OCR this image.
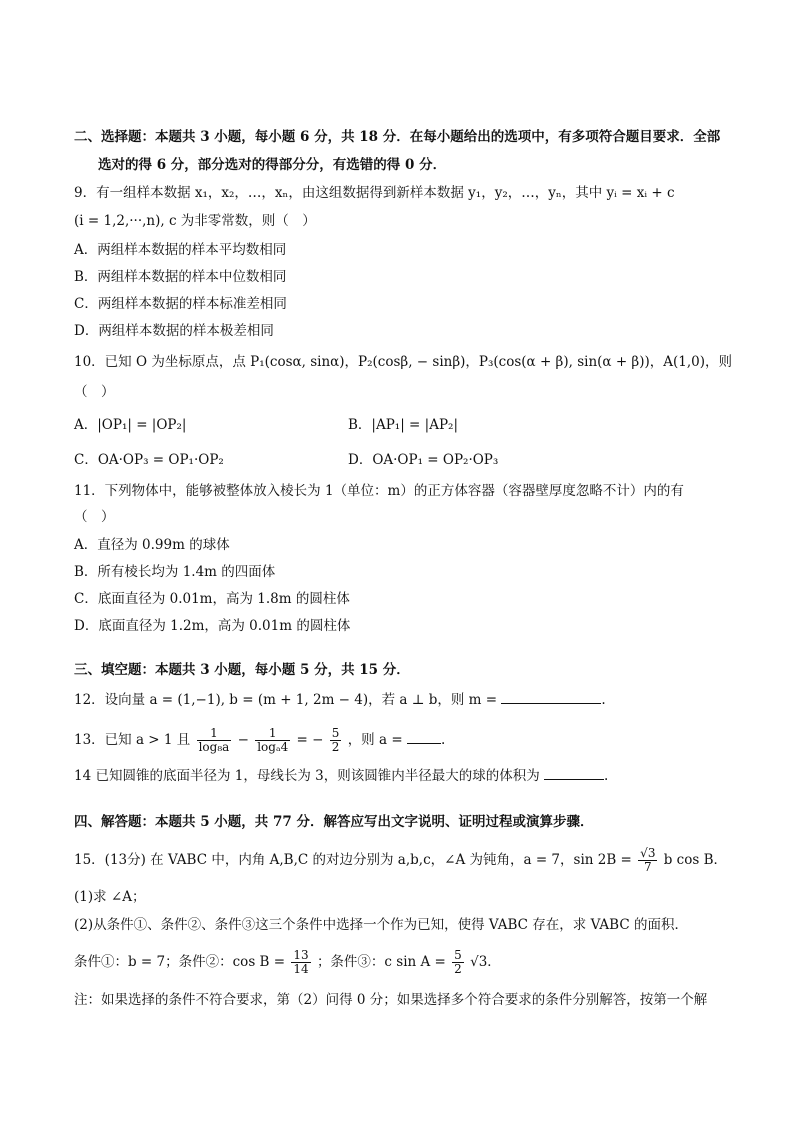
二、选择题：本题共 3 小题，每小题 6 分，共 18 分．在每小题给出的选项中，有多项符合题目要求．全部
选对的得 6 分，部分选对的得部分分，有选错的得 0 分．
9．有一组样本数据 x₁，x₂，…，xₙ，由这组数据得到新样本数据 y₁，y₂，…，yₙ，其中 yᵢ = xᵢ + c
(i = 1,2,···,n), c 为非零常数，则（　）
A．两组样本数据的样本平均数相同
B．两组样本数据的样本中位数相同
C．两组样本数据的样本标准差相同
D．两组样本数据的样本极差相同
10．已知 O 为坐标原点，点 P₁(cosα, sinα)，P₂(cosβ, − sinβ)，P₃(cos(α + β), sin(α + β))，A(1,0)，则
（　）
A．|OP₁| = |OP₂|	B．|AP₁| = |AP₂|
C．OA·OP₃ = OP₁·OP₂	D．OA·OP₁ = OP₂·OP₃
11．下列物体中，能够被整体放入棱长为 1（单位：m）的正方体容器（容器壁厚度忽略不计）内的有
（　）
A．直径为 0.99m 的球体
B．所有棱长均为 1.4m 的四面体
C．底面直径为 0.01m，高为 1.8m 的圆柱体
D．底面直径为 1.2m，高为 0.01m 的圆柱体
三、填空题：本题共 3 小题，每小题 5 分，共 15 分．
12．设向量 a = (1,−1), b = (m + 1, 2m − 4)，若 a ⊥ b，则 m =	.
13．已知 a > 1 且 $\frac{1}{\text{log₈a}} - \frac{1}{\text{logₐ4}}$ = − $\frac{5}{2}$ ，则 a =	.
14 已知圆锥的底面半径为 1，母线长为 3，则该圆锥内半径最大的球的体积为	.
四、解答题：本题共 5 小题，共 77 分．解答应写出文字说明、证明过程或演算步骤．
15．(13分) 在 VABC 中，内角 A,B,C 的对边分别为 a,b,c，∠A 为钝角，a = 7，$\sin 2B = \frac{√3}{7}$ b cos B．
(1)求 ∠A；
(2)从条件①、条件②、条件③这三个条件中选择一个作为已知，使得 VABC 存在，求 VABC 的面积．
条件①：b = 7；条件②：$\cos B = \frac{13}{14}$ ；条件③：c $\sin A = \frac{5}{2} √3$．
注：如果选择的条件不符合要求，第（2）问得 0 分；如果选择多个符合要求的条件分别解答，按第一个解
